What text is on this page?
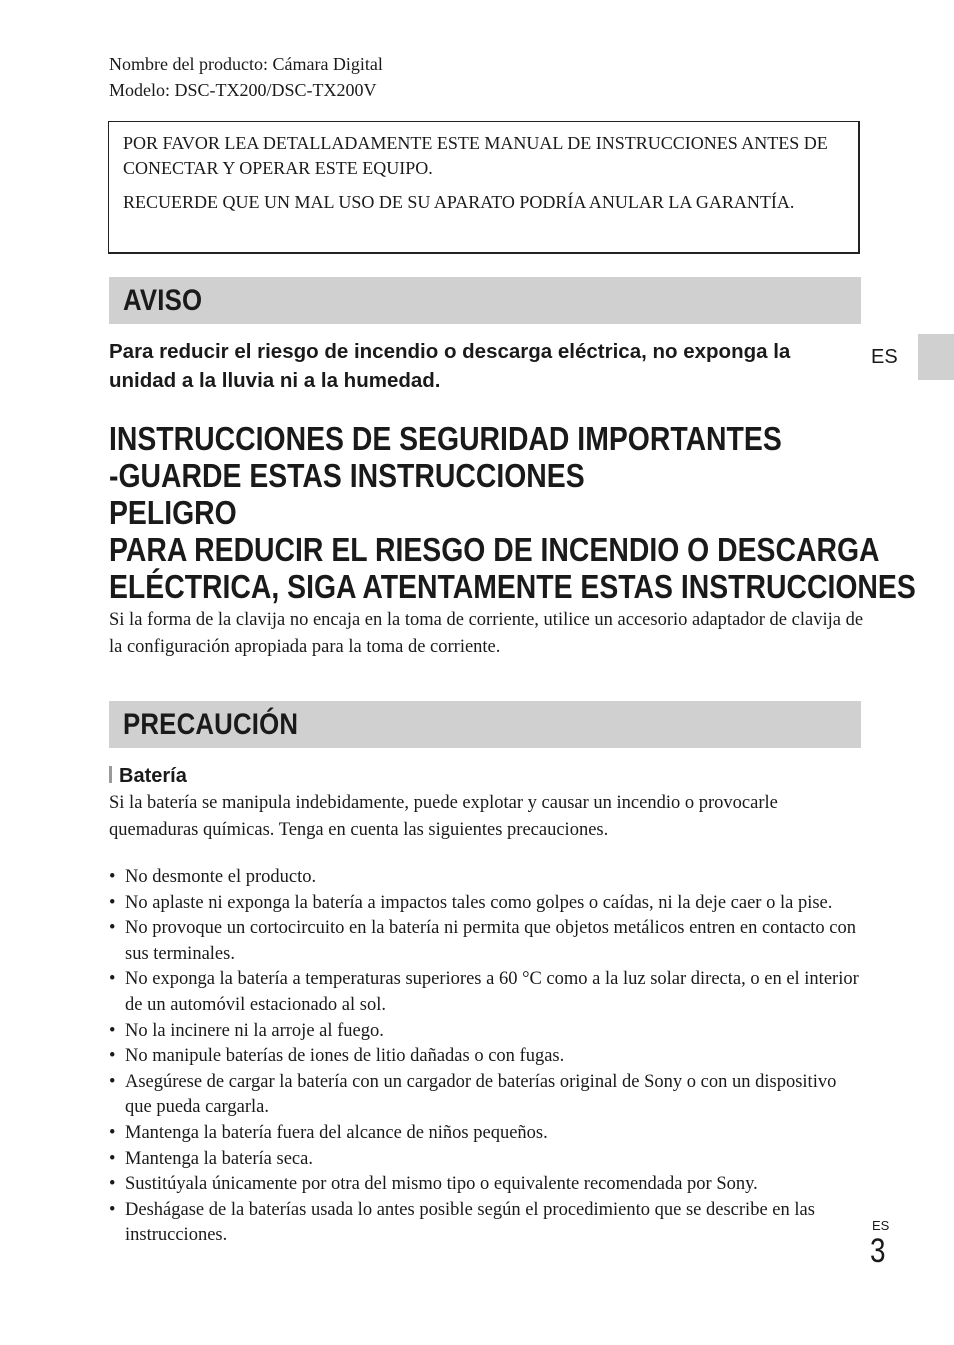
Nombre del producto: Cámara Digital
Modelo: DSC-TX200/DSC-TX200V

POR FAVOR LEA DETALLADAMENTE ESTE MANUAL DE INSTRUCCIONES ANTES DE CONECTAR Y OPERAR ESTE EQUIPO.

RECUERDE QUE UN MAL USO DE SU APARATO PODRÍA ANULAR LA GARANTÍA.

AVISO
Para reducir el riesgo de incendio o descarga eléctrica, no exponga la unidad a la lluvia ni a la humedad.
INSTRUCCIONES DE SEGURIDAD IMPORTANTES
-GUARDE ESTAS INSTRUCCIONES
PELIGRO
PARA REDUCIR EL RIESGO DE INCENDIO O DESCARGA
ELÉCTRICA, SIGA ATENTAMENTE ESTAS INSTRUCCIONES
Si la forma de la clavija no encaja en la toma de corriente, utilice un accesorio adaptador de clavija de la configuración apropiada para la toma de corriente.
PRECAUCIÓN
Batería
Si la batería se manipula indebidamente, puede explotar y causar un incendio o provocarle quemaduras químicas. Tenga en cuenta las siguientes precauciones.
• No desmonte el producto.
• No aplaste ni exponga la batería a impactos tales como golpes o caídas, ni la deje caer o la pise.
• No provoque un cortocircuito en la batería ni permita que objetos metálicos entren en contacto con sus terminales.
• No exponga la batería a temperaturas superiores a 60 °C como a la luz solar directa, o en el interior de un automóvil estacionado al sol.
• No la incinere ni la arroje al fuego.
• No manipule baterías de iones de litio dañadas o con fugas.
• Asegúrese de cargar la batería con un cargador de baterías original de Sony o con un dispositivo que pueda cargarla.
• Mantenga la batería fuera del alcance de niños pequeños.
• Mantenga la batería seca.
• Sustitúyala únicamente por otra del mismo tipo o equivalente recomendada por Sony.
• Deshágase de la baterías usada lo antes posible según el procedimiento que se describe en las instrucciones.
ES
ES
3
